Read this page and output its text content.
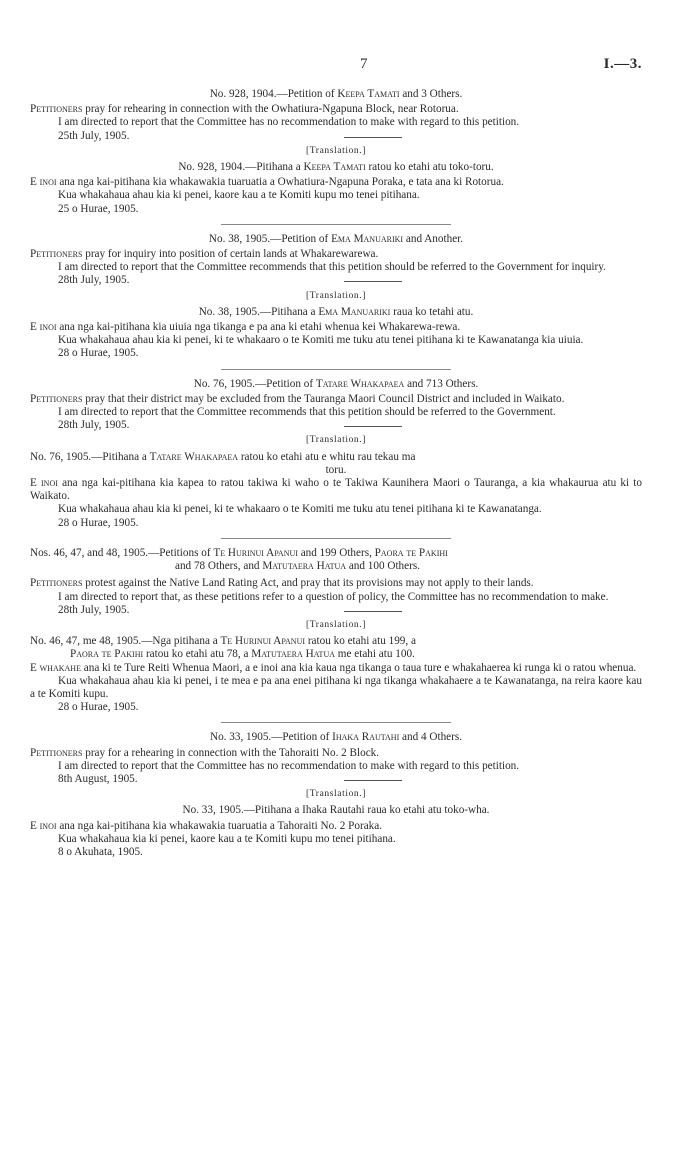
7	I.—3.

No. 928, 1904.—Petition of Keepa Tamati and 3 Others.

Petitioners pray for rehearing in connection with the Owhatiura-Ngapuna Block, near Rotorua.

I am directed to report that the Committee has no recommendation to make with regard to this petition.

25th July, 1905.

[Translation.]

No. 928, 1904.—Pitihana a Keepa Tamati ratou ko etahi atu toko-toru.

E inoi ana nga kai-pitihana kia whakawakia tuaruatia a Owhatiura-Ngapuna Poraka, e tata ana ki Rotorua.

Kua whakahaua ahau kia ki penei, kaore kau a te Komiti kupu mo tenei pitihana.

25 o Hurae, 1905.

No. 38, 1905.—Petition of Ema Manuariki and Another.

Petitioners pray for inquiry into position of certain lands at Whakarewarewa.

I am directed to report that the Committee recommends that this petition should be referred to the Government for inquiry.

28th July, 1905.

[Translation.]

No. 38, 1905.—Pitihana a Ema Manuariki raua ko tetahi atu.

E inoi ana nga kai-pitihana kia uiuia nga tikanga e pa ana ki etahi whenua kei Whakarewa-rewa.

Kua whakahaua ahau kia ki penei, ki te whakaaro o te Komiti me tuku atu tenei pitihana ki te Kawanatanga kia uiuia.

28 o Hurae, 1905.

No. 76, 1905.—Petition of Tatare Whakapaea and 713 Others.

Petitioners pray that their district may be excluded from the Tauranga Maori Council District and included in Waikato.

I am directed to report that the Committee recommends that this petition should be referred to the Government.

28th July, 1905.

[Translation.]

No. 76, 1905.—Pitihana a Tatare Whakapaea ratou ko etahi atu e whitu rau tekau ma
toru.

E inoi ana nga kai-pitihana kia kapea to ratou takiwa ki waho o te Takiwa Kaunihera Maori o Tauranga, a kia whakaurua atu ki to Waikato.

Kua whakahaua ahau kia ki penei, ki te whakaaro o te Komiti me tuku atu tenei pitihana ki te Kawanatanga.

28 o Hurae, 1905.

Nos. 46, 47, and 48, 1905.—Petitions of Te Hurinui Apanui and 199 Others, Paora te Pakihi
and 78 Others, and Matutaera Hatua and 100 Others.

Petitioners protest against the Native Land Rating Act, and pray that its provisions may not apply to their lands.

I am directed to report that, as these petitions refer to a question of policy, the Committee has no recommendation to make.

28th July, 1905.

[Translation.]

No. 46, 47, me 48, 1905.—Nga pitihana a Te Hurinui Apanui ratou ko etahi atu 199, a
Paora te Pakihi ratou ko etahi atu 78, a Matutaera Hatua me etahi atu 100.

E whakahe ana ki te Ture Reiti Whenua Maori, a e inoi ana kia kaua nga tikanga o taua ture e whakahaerea ki runga ki o ratou whenua.

Kua whakahaua ahau kia ki penei, i te mea e pa ana enei pitihana ki nga tikanga whakahaere a te Kawanatanga, na reira kaore kau a te Komiti kupu.

28 o Hurae, 1905.

No. 33, 1905.—Petition of Ihaka Rautahi and 4 Others.

Petitioners pray for a rehearing in connection with the Tahoraiti No. 2 Block.

I am directed to report that the Committee has no recommendation to make with regard to this petition.

8th August, 1905.

[Translation.]

No. 33, 1905.—Pitihana a Ihaka Rautahi raua ko etahi atu toko-wha.

E inoi ana nga kai-pitihana kia whakawakia tuaruatia a Tahoraiti No. 2 Poraka.

Kua whakahaua kia ki penei, kaore kau a te Komiti kupu mo tenei pitihana.

8 o Akuhata, 1905.
